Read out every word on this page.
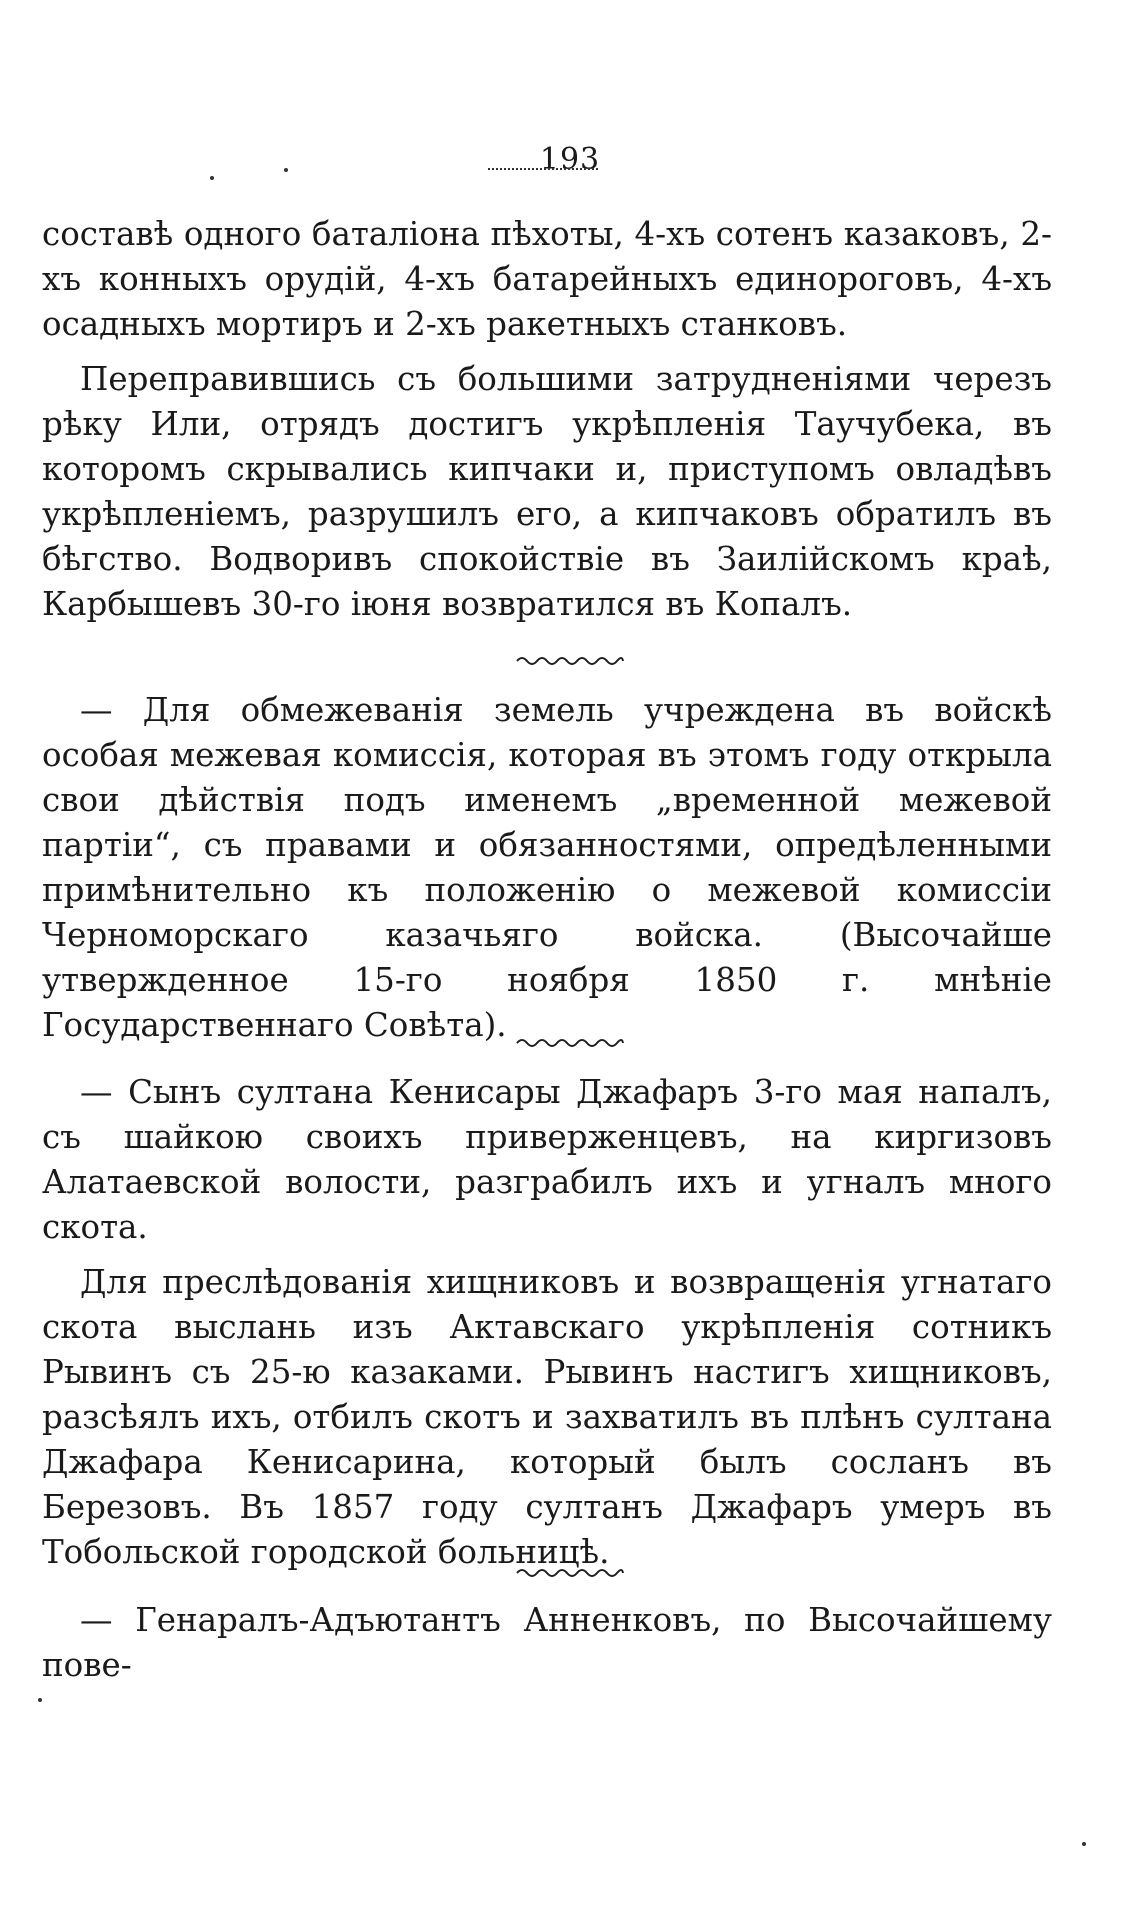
193

составѣ одного баталіона пѣхоты, 4-хъ сотенъ казаковъ, 2-хъ конныхъ орудій, 4-хъ батарейныхъ единороговъ, 4-хъ осадныхъ мортиръ и 2-хъ ракетныхъ станковъ.

Переправившись съ большими затрудненіями черезъ рѣку Или, отрядъ достигъ укрѣпленія Таучубека, въ которомъ скрывались кипчаки и, приступомъ овладѣвъ укрѣпленіемъ, разрушилъ его, а кипчаковъ обратилъ въ бѣгство. Водворивъ спокойствіе въ Заилійскомъ краѣ, Карбышевъ 30-го іюня возвратился въ Копалъ.

— Для обмежеванія земель учреждена въ войскѣ особая межевая комиссія, которая въ этомъ году открыла свои дѣйствія подъ именемъ „временной межевой партіи“, съ правами и обязанностями, опредѣленными примѣнительно къ положенію о межевой комиссіи Черноморскаго казачьяго войска. (Высочайше утвержденное 15-го ноября 1850 г. мнѣніе Государственнаго Совѣта).

— Сынъ султана Кенисары Джафаръ 3-го мая напалъ, съ шайкою своихъ приверженцевъ, на киргизовъ Алатаевской волости, разграбилъ ихъ и угналъ много скота.

Для преслѣдованія хищниковъ и возвращенія угнатаго скота выслань изъ Актавскаго укрѣпленія сотникъ Рывинъ съ 25-ю казаками. Рывинъ настигъ хищниковъ, разсѣялъ ихъ, отбилъ скотъ и захватилъ въ плѣнъ султана Джафара Кенисарина, который былъ сосланъ въ Березовъ. Въ 1857 году султанъ Джафаръ умеръ въ Тобольской городской больницѣ.

— Генаралъ-Адъютантъ Анненковъ, по Высочайшему пове-
